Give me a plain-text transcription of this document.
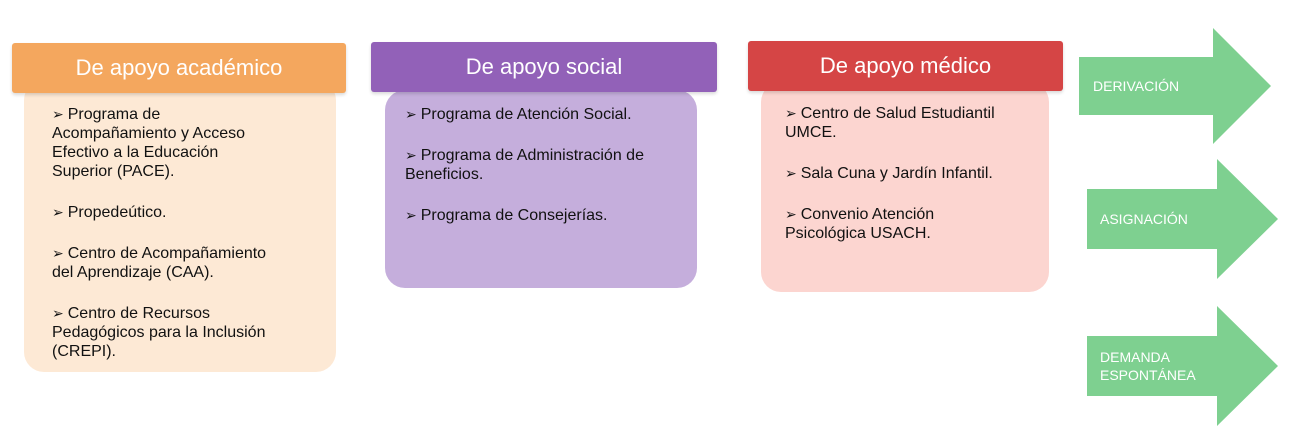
De apoyo académico
➢ Programa de
Acompañamiento y Acceso
Efectivo a la Educación
Superior (PACE).
➢ Propedeútico.
➢ Centro de Acompañamiento
del Aprendizaje (CAA).
➢ Centro de Recursos
Pedagógicos para la Inclusión
(CREPI).
De apoyo social
➢ Programa de Atención Social.
➢ Programa de Administración de
Beneficios.
➢ Programa de Consejerías.
De apoyo médico
➢ Centro de Salud Estudiantil
UMCE.
➢ Sala Cuna y Jardín Infantil.
➢ Convenio Atención
Psicológica USACH.
DERIVACIÓN
ASIGNACIÓN
DEMANDA
ESPONTÁNEA
